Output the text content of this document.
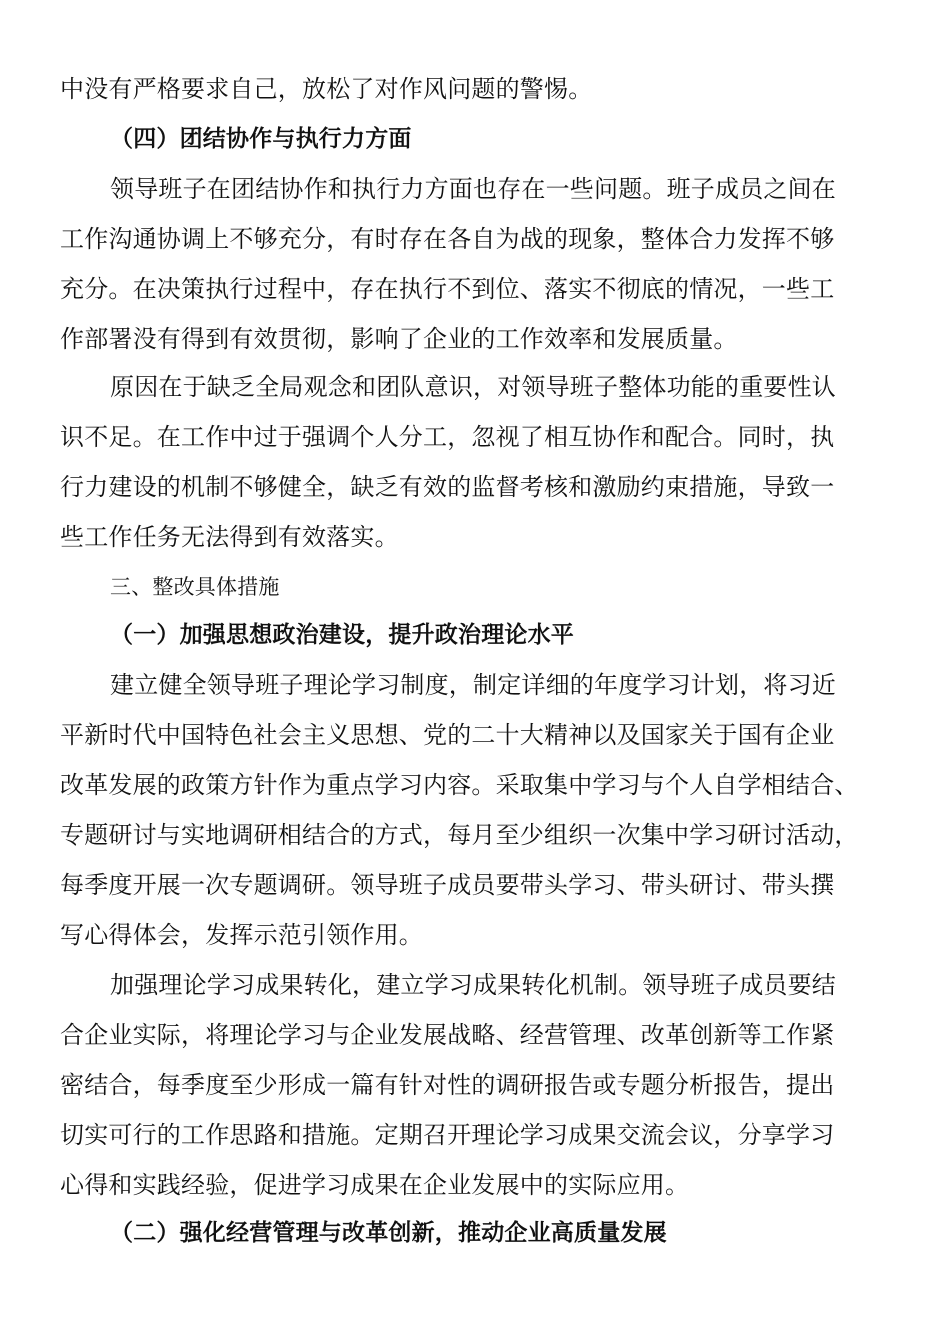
中没有严格要求自己，放松了对作风问题的警惕。
（四）团结协作与执行力方面
领导班子在团结协作和执行力方面也存在一些问题。班子成员之间在
工作沟通协调上不够充分，有时存在各自为战的现象，整体合力发挥不够
充分。在决策执行过程中，存在执行不到位、落实不彻底的情况，一些工
作部署没有得到有效贯彻，影响了企业的工作效率和发展质量。
原因在于缺乏全局观念和团队意识，对领导班子整体功能的重要性认
识不足。在工作中过于强调个人分工，忽视了相互协作和配合。同时，执
行力建设的机制不够健全，缺乏有效的监督考核和激励约束措施，导致一
些工作任务无法得到有效落实。
三、整改具体措施
（一）加强思想政治建设，提升政治理论水平
建立健全领导班子理论学习制度，制定详细的年度学习计划，将习近
平新时代中国特色社会主义思想、党的二十大精神以及国家关于国有企业
改革发展的政策方针作为重点学习内容。采取集中学习与个人自学相结合、
专题研讨与实地调研相结合的方式，每月至少组织一次集中学习研讨活动，
每季度开展一次专题调研。领导班子成员要带头学习、带头研讨、带头撰
写心得体会，发挥示范引领作用。
加强理论学习成果转化，建立学习成果转化机制。领导班子成员要结
合企业实际，将理论学习与企业发展战略、经营管理、改革创新等工作紧
密结合，每季度至少形成一篇有针对性的调研报告或专题分析报告，提出
切实可行的工作思路和措施。定期召开理论学习成果交流会议，分享学习
心得和实践经验，促进学习成果在企业发展中的实际应用。
（二）强化经营管理与改革创新，推动企业高质量发展
